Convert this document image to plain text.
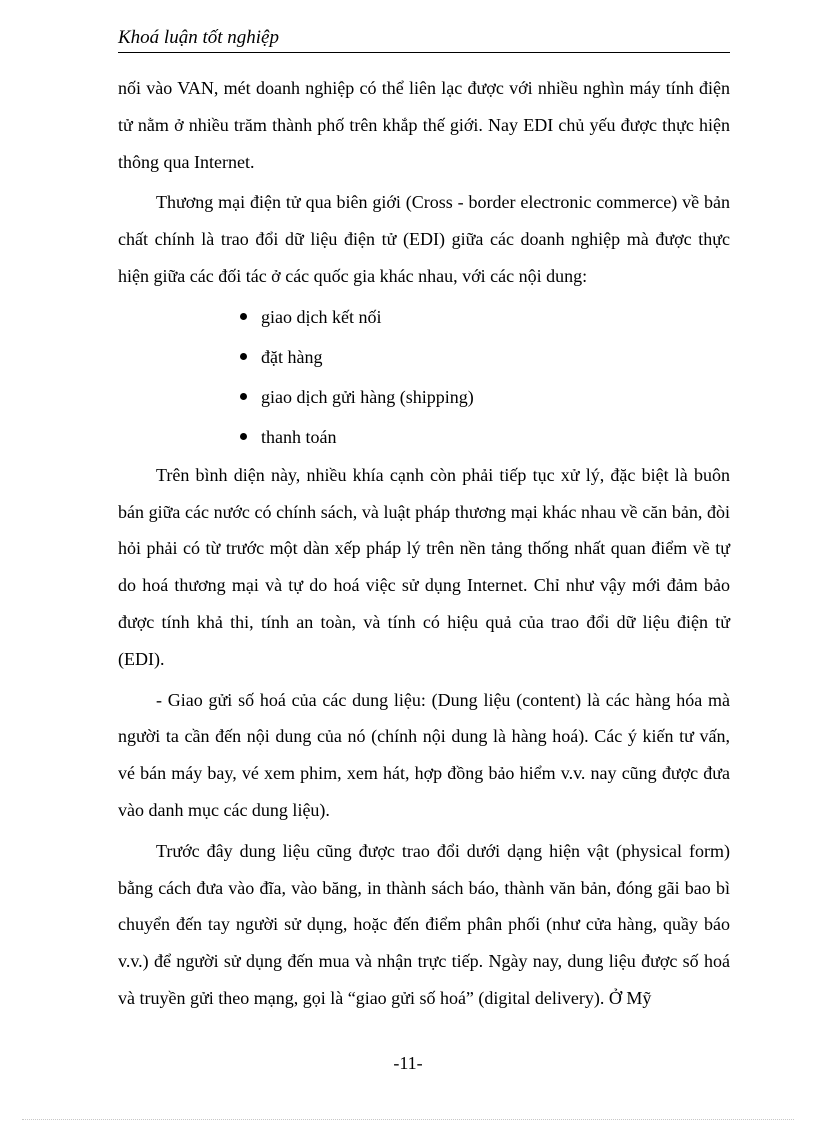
Khoá luận tốt nghiệp

nối vào VAN, mét doanh nghiệp có thể liên lạc được với nhiều nghìn máy tính điện tử nằm ở nhiều trăm thành phố trên khắp thế giới. Nay EDI chủ yếu được thực hiện thông qua Internet.

Thương mại điện tử qua biên giới (Cross - border electronic commerce) về bản chất chính là trao đổi dữ liệu điện tử (EDI) giữa các doanh nghiệp mà được thực hiện giữa các đối tác ở các quốc gia khác nhau, với các nội dung:

giao dịch kết nối
đặt hàng
giao dịch gửi hàng (shipping)
thanh toán

Trên bình diện này, nhiều khía cạnh còn phải tiếp tục xử lý, đặc biệt là buôn bán giữa các nước có chính sách, và luật pháp thương mại khác nhau về căn bản, đòi hỏi phải có từ trước một dàn xếp pháp lý trên nền tảng thống nhất quan điểm về tự do hoá thương mại và tự do hoá việc sử dụng Internet. Chỉ như vậy mới đảm bảo được tính khả thi, tính an toàn, và tính có hiệu quả của trao đổi dữ liệu điện tử (EDI).

- Giao gửi số hoá của các dung liệu: (Dung liệu (content) là các hàng hóa mà người ta cần đến nội dung của nó (chính nội dung là hàng hoá). Các ý kiến tư vấn, vé bán máy bay, vé xem phim, xem hát, hợp đồng bảo hiểm v.v. nay cũng được đưa vào danh mục các dung liệu).

Trước đây dung liệu cũng được trao đổi dưới dạng hiện vật (physical form) bằng cách đưa vào đĩa, vào băng, in thành sách báo, thành văn bản, đóng gãi bao bì chuyển đến tay người sử dụng, hoặc đến điểm phân phối (như cửa hàng, quầy báo v.v.) để người sử dụng đến mua và nhận trực tiếp. Ngày nay, dung liệu được số hoá và truyền gửi theo mạng, gọi là “giao gửi số hoá” (digital delivery). Ở Mỹ

-11-
